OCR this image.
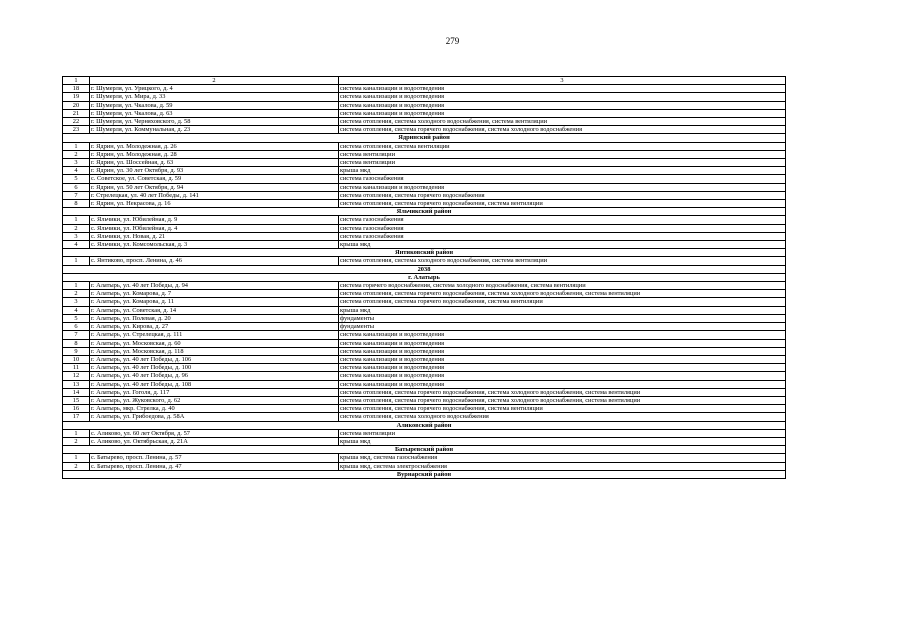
279
1	2	3
18	г. Шумерля, ул. Урицкого, д. 4	система канализации и водоотведения
19	г. Шумерля, ул. Мира, д. 33	система канализации и водоотведения
20	г. Шумерля, ул. Чкалова, д. 59	система канализации и водоотведения
21	г. Шумерля, ул. Чкалова, д. 63	система канализации и водоотведения
22	г. Шумерля, ул. Черняховского, д. 58	система отопления, система холодного водоснабжения, система вентиляции
23	г. Шумерля, ул. Коммунальная, д. 23	система отопления, система горячего водоснабжения, система холодного водоснабжения
Ядринский район		
1	г. Ядрин, ул. Молодежная, д. 26	система отопления, система вентиляции
2	г. Ядрин, ул. Молодежная, д. 28	система вентиляции
3	г. Ядрин, ул. Шоссейная, д. 63	система вентиляции
4	г. Ядрин, ул. 30 лет Октября, д. 93	крыша мкд
5	с. Советское, ул. Советская, д. 59	система газоснабжения
6	г. Ядрин, ул. 50 лет Октября, д. 94	система канализации и водоотведения
7	г. Стрелецкая, ул. 40 лет Победы, д. 141	система отопления, система горячего водоснабжения
8	г. Ядрин, ул. Некрасова, д. 16	система отопления, система горячего водоснабжения, система вентиляции
Яльчикский район		
1	с. Яльчики, ул. Юбилейная, д. 9	система газоснабжения
2	с. Яльчики, ул. Юбилейная, д. 4	система газоснабжения
3	с. Яльчики, ул. Новая, д. 21	система газоснабжения
4	с. Яльчики, ул. Комсомольская, д. 3	крыша мкд
Янтиковский район		
1	с. Янтиково, просп. Ленина, д. 46	система отопления, система холодного водоснабжения, система вентиляции
2038		
г. Алатырь		
1	г. Алатырь, ул. 40 лет Победы, д. 94	система горячего водоснабжения, система холодного водоснабжения, система вентиляции
2	г. Алатырь, ул. Комарова, д. 7	система отопления, система горячего водоснабжения, система холодного водоснабжения, система вентиляции
3	г. Алатырь, ул. Комарова, д. 11	система отопления, система горячего водоснабжения, система вентиляции
4	г. Алатырь, ул. Советская, д. 14	крыша мкд
5	г. Алатырь, ул. Полевая, д. 20	фундаменты
6	г. Алатырь, ул. Кирова, д. 27	фундаменты
7	г. Алатырь, ул. Стрелецкая, д. 111	система канализации и водоотведения
8	г. Алатырь, ул. Московская, д. 60	система канализации и водоотведения
9	г. Алатырь, ул. Московская, д. 118	система канализации и водоотведения
10	г. Алатырь, ул. 40 лет Победы, д. 106	система канализации и водоотведения
11	г. Алатырь, ул. 40 лет Победы, д. 100	система канализации и водоотведения
12	г. Алатырь, ул. 40 лет Победы, д. 96	система канализации и водоотведения
13	г. Алатырь, ул. 40 лет Победы, д. 108	система канализации и водоотведения
14	г. Алатырь, ул. Гоголя, д. 117	система отопления, система горячего водоснабжения, система холодного водоснабжения, система вентиляции
15	г. Алатырь, ул. Жуковского, д. 62	система отопления, система горячего водоснабжения, система холодного водоснабжения, система вентиляции
16	г. Алатырь, мкр. Стрелка, д. 40	система отопления, система горячего водоснабжения, система вентиляции
17	г. Алатырь, ул. Грибоедова, д. 58А	система отопления, система холодного водоснабжения
Аликовский район		
1	с. Аликово, ул. 60 лет Октября, д. 57	система вентиляции
2	с. Аликово, ул. Октябрьская, д. 21А	крыша мкд
Батыревский район		
1	с. Батырево, просп. Ленина, д. 57	крыша мкд, система газоснабжения
2	с. Батырево, просп. Ленина, д. 47	крыша мкд, система электроснабжения
Вурнарский район		
